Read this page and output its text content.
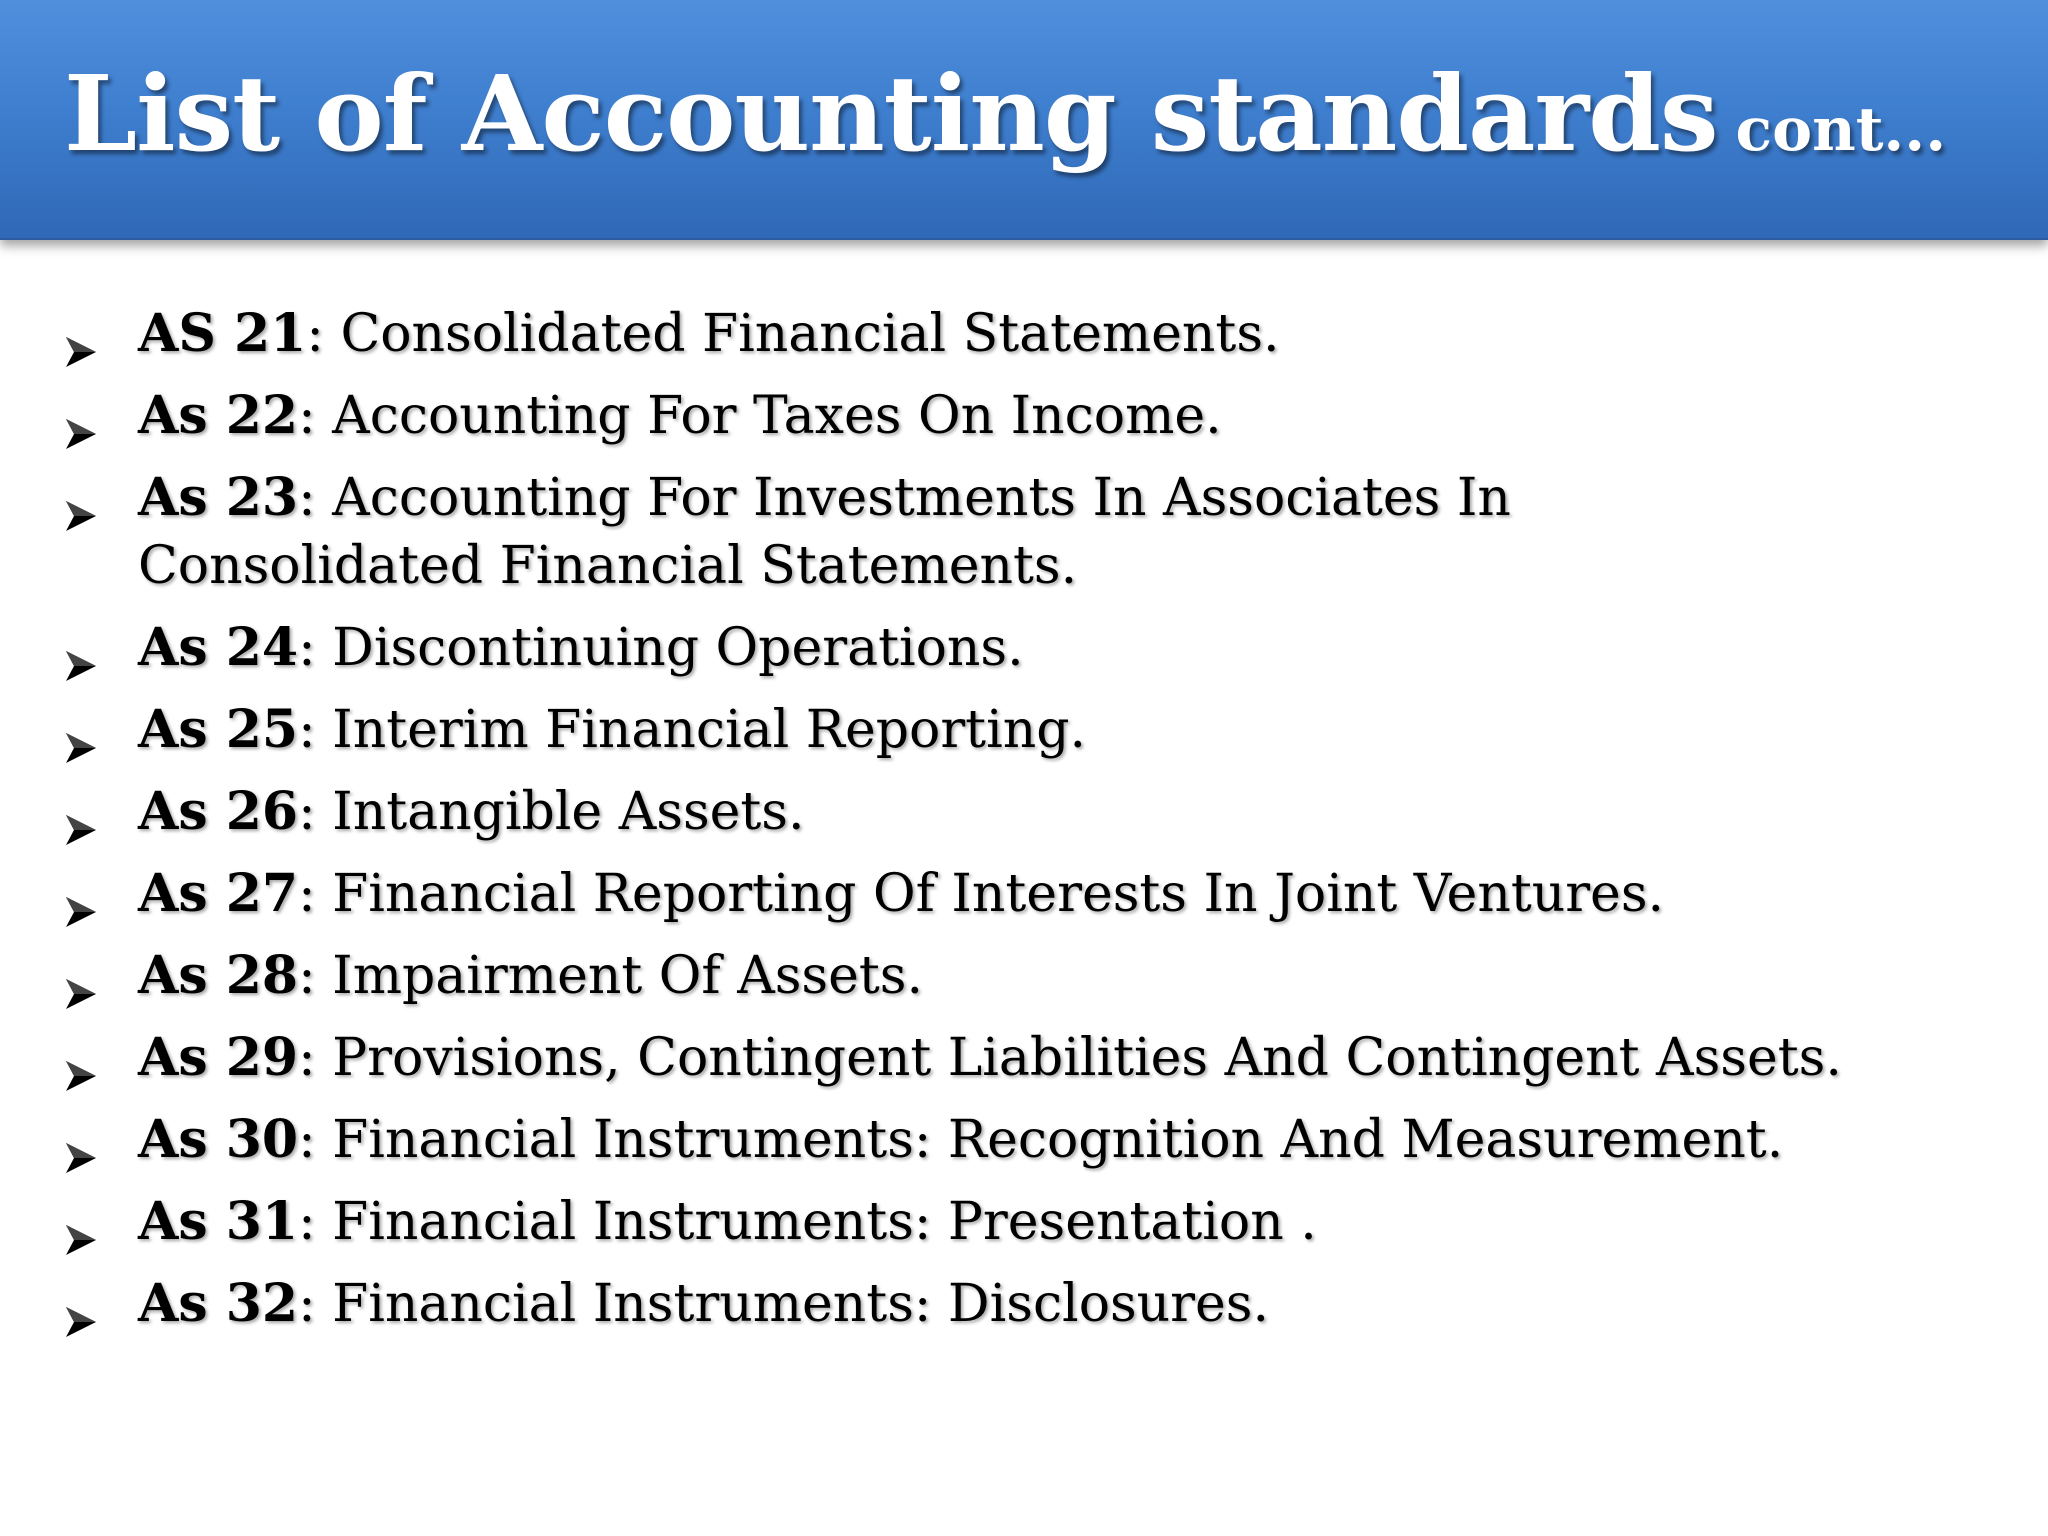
List of Accounting standards cont...
AS 21: Consolidated Financial Statements.
As 22: Accounting For Taxes On Income.
As 23: Accounting For Investments In Associates In Consolidated Financial Statements.
As 24: Discontinuing Operations.
As 25: Interim Financial Reporting.
As 26: Intangible Assets.
As 27: Financial Reporting Of Interests In Joint Ventures.
As 28: Impairment Of Assets.
As 29: Provisions, Contingent Liabilities And Contingent Assets.
As 30: Financial Instruments: Recognition And Measurement.
As 31: Financial Instruments: Presentation .
As 32: Financial Instruments: Disclosures.
